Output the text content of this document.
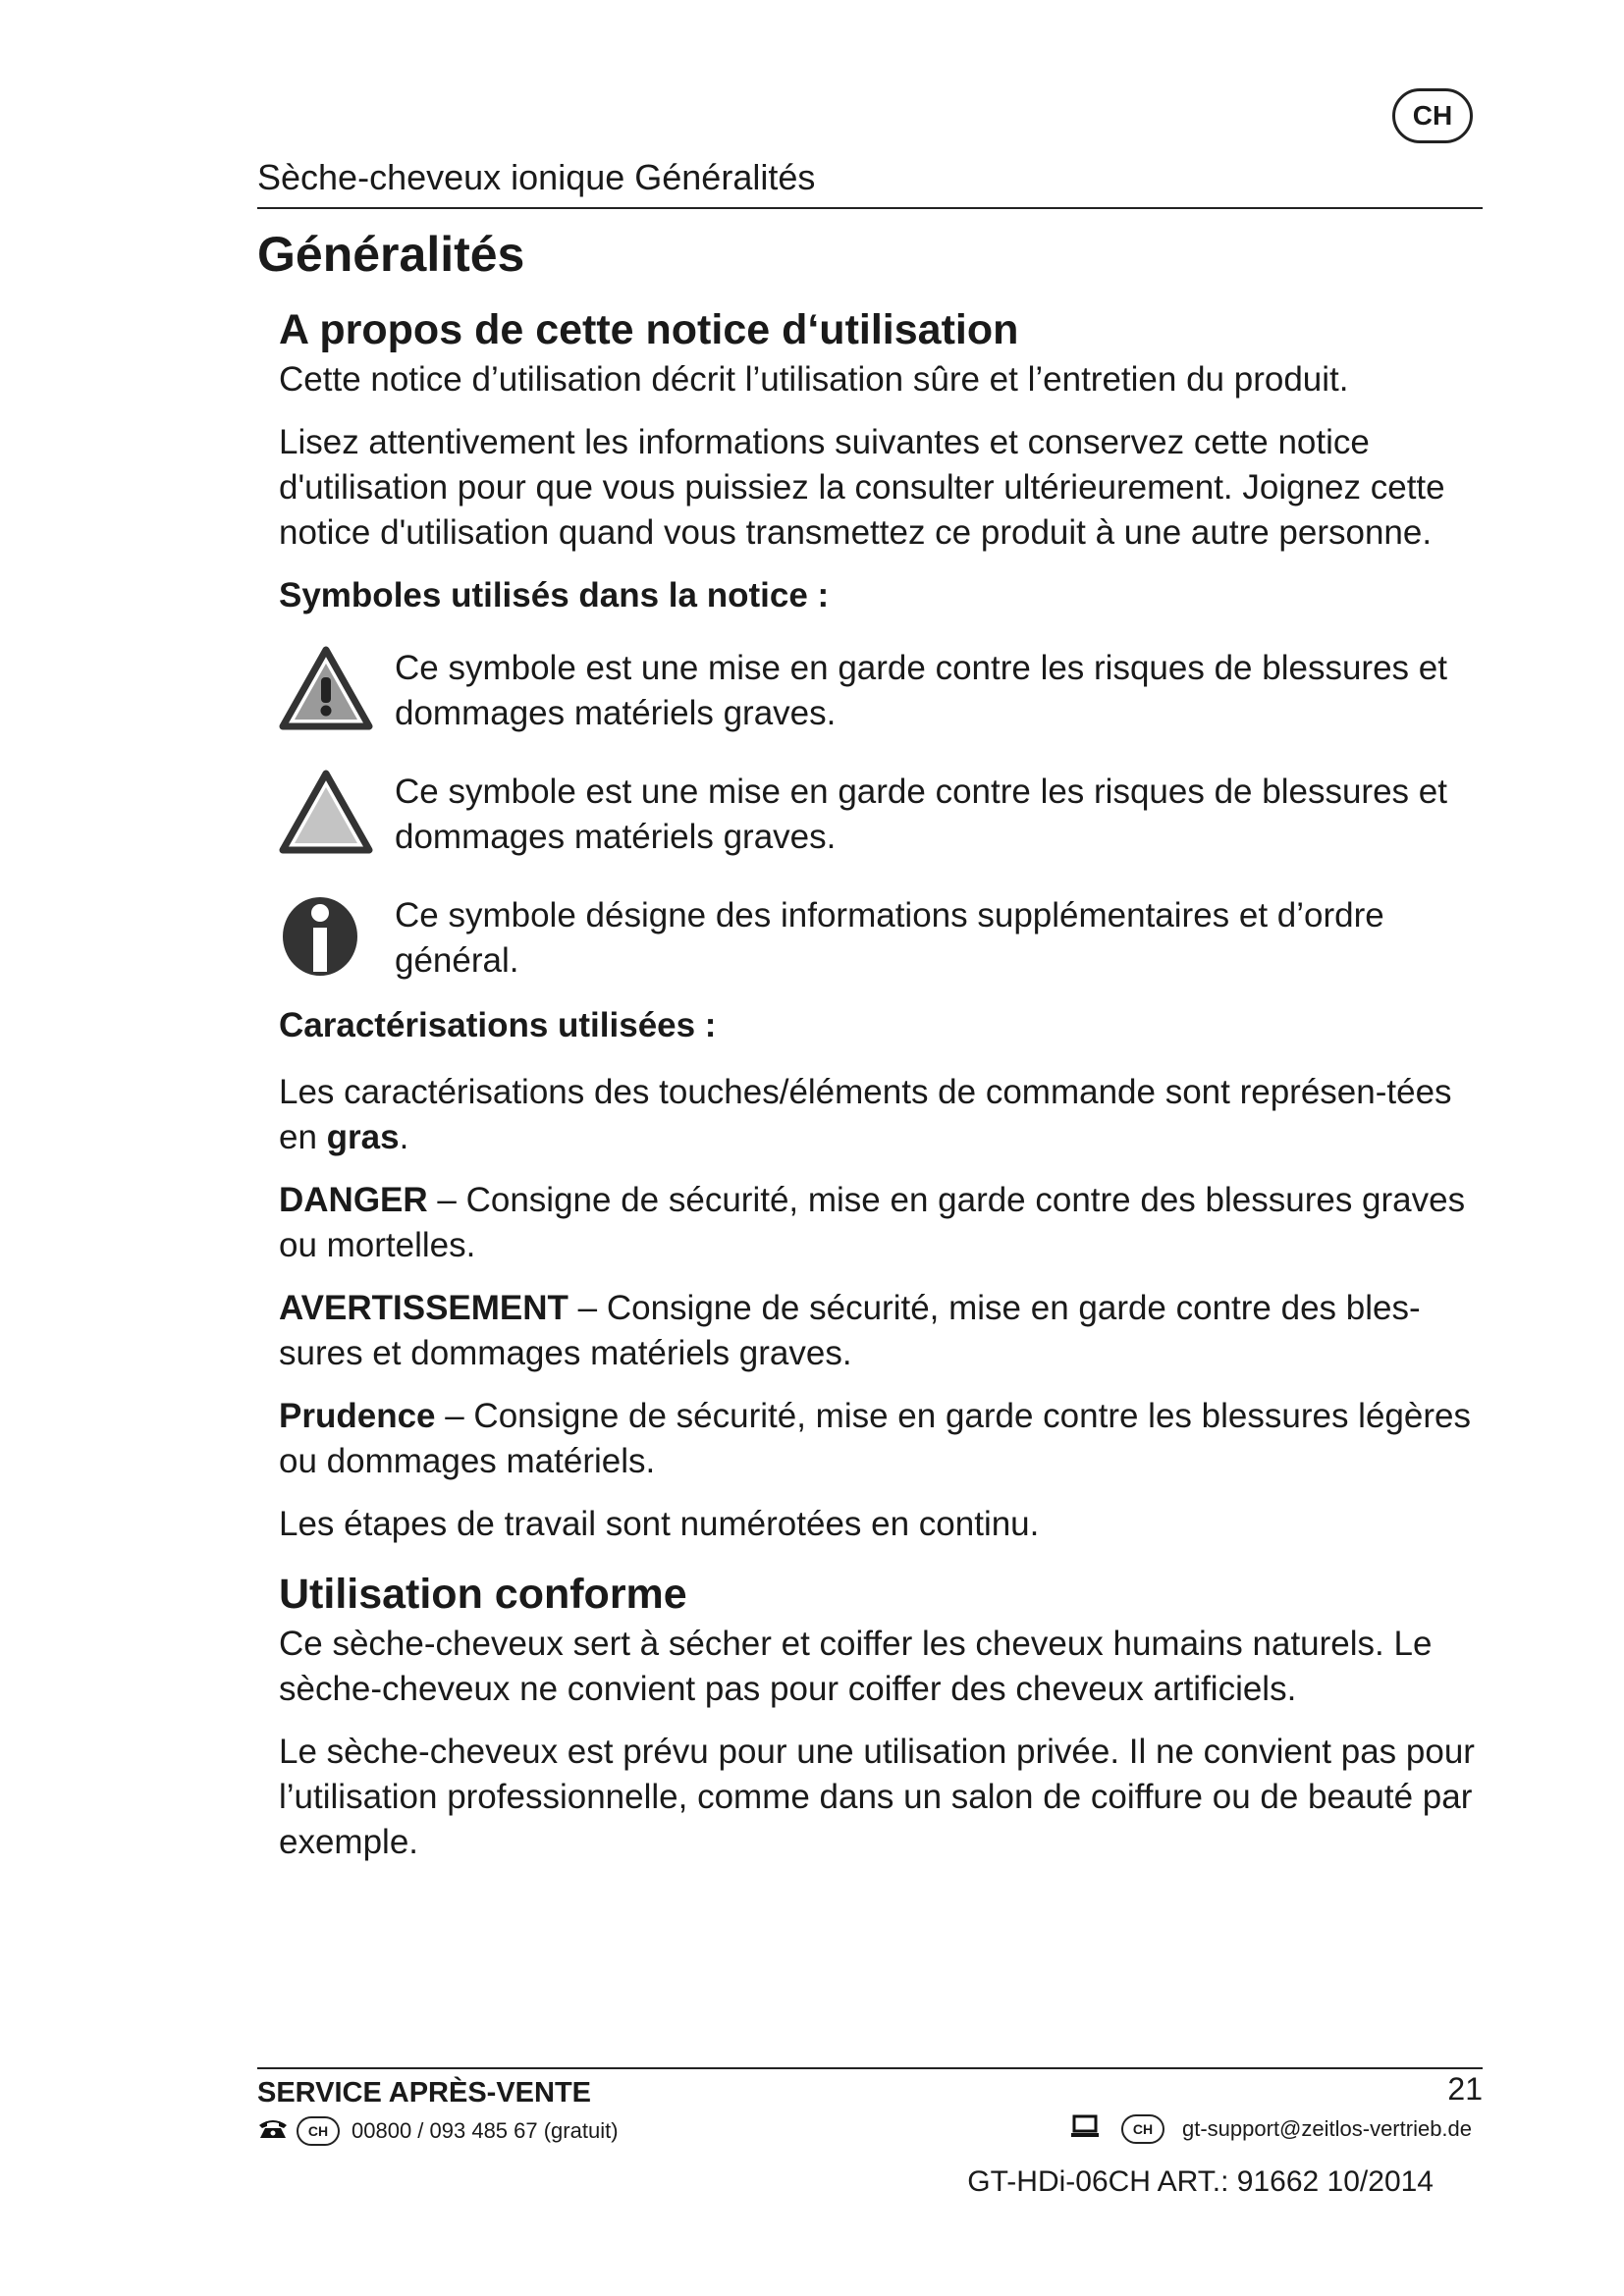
CH
Sèche-cheveux ionique Généralités
Généralités
A propos de cette notice d‘utilisation

Cette notice d’utilisation décrit l’utilisation sûre et l’entretien du produit.

Lisez attentivement les informations suivantes et conservez cette notice d'utilisation pour que vous puissiez la consulter ultérieurement. Joignez cette notice d'utilisation quand vous transmettez ce produit à une autre personne.

Symboles utilisés dans la notice :

Ce symbole est une mise en garde contre les risques de blessures et dommages matériels graves.

Ce symbole est une mise en garde contre les risques de blessures et dommages matériels graves.

Ce symbole désigne des informations supplémentaires et d’ordre général.

Caractérisations utilisées :

Les caractérisations des touches/éléments de commande sont représen-tées en gras.

DANGER – Consigne de sécurité, mise en garde contre des blessures graves ou mortelles.

AVERTISSEMENT – Consigne de sécurité, mise en garde contre des bles-sures et dommages matériels graves.

Prudence – Consigne de sécurité, mise en garde contre les blessures légères ou dommages matériels.

Les étapes de travail sont numérotées en continu.

Utilisation conforme

Ce sèche-cheveux sert à sécher et coiffer les cheveux humains naturels. Le sèche-cheveux ne convient pas pour coiffer des cheveux artificiels.

Le sèche-cheveux est prévu pour une utilisation privée. Il ne convient pas pour l’utilisation professionnelle, comme dans un salon de coiffure ou de beauté par exemple.

SERVICE APRÈS-VENTE	21
CH	00800 / 093 485 67 (gratuit)	CH	gt-support@zeitlos-vertrieb.de
GT-HDi-06CH ART.: 91662 10/2014
